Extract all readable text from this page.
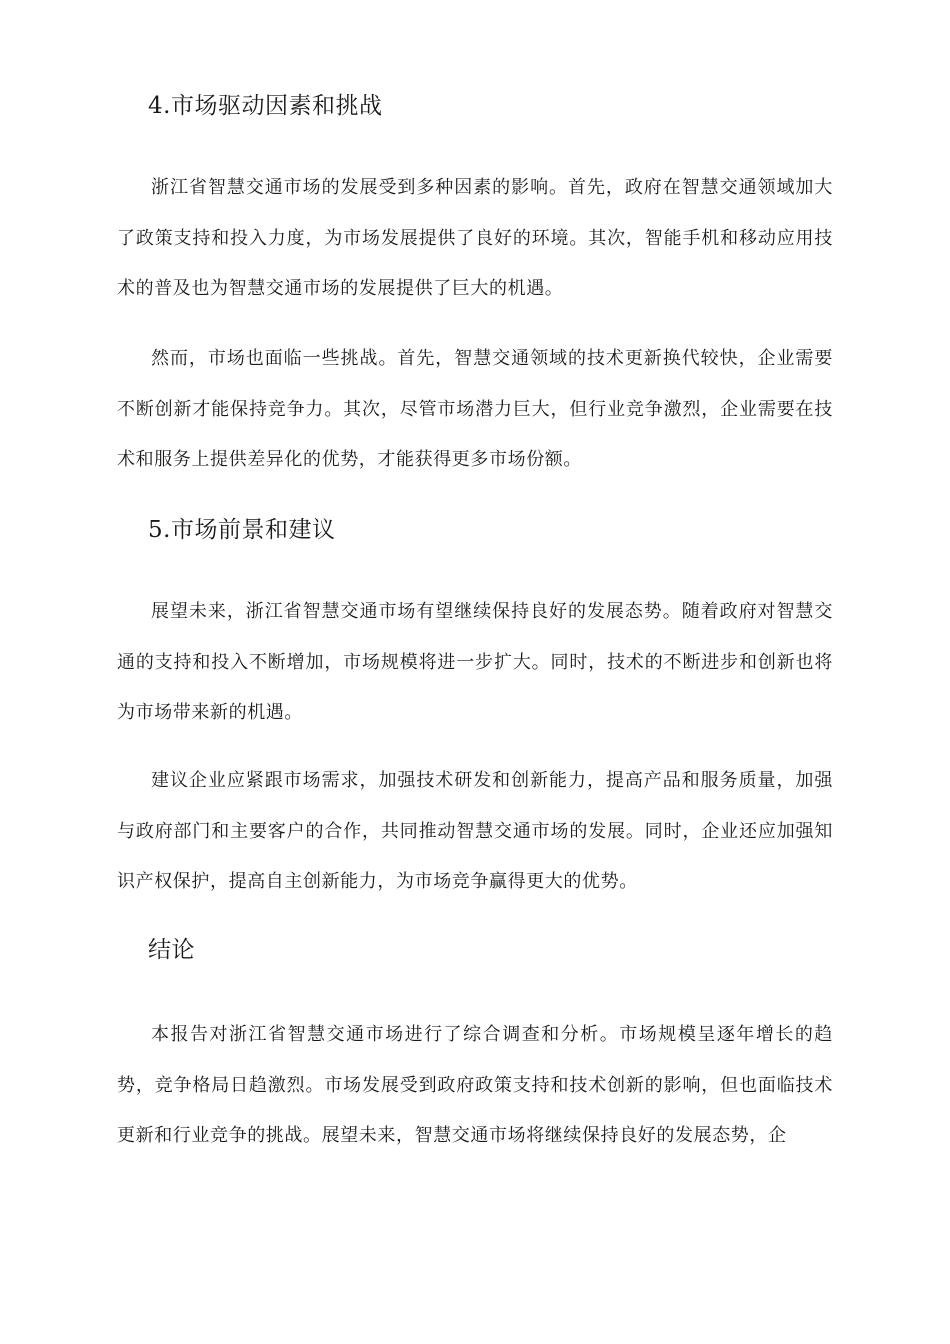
4.市场驱动因素和挑战

浙江省智慧交通市场的发展受到多种因素的影响。首先，政府在智慧交通领域加大了政策支持和投入力度，为市场发展提供了良好的环境。其次，智能手机和移动应用技术的普及也为智慧交通市场的发展提供了巨大的机遇。

然而，市场也面临一些挑战。首先，智慧交通领域的技术更新换代较快，企业需要不断创新才能保持竞争力。其次，尽管市场潜力巨大，但行业竞争激烈，企业需要在技术和服务上提供差异化的优势，才能获得更多市场份额。

5.市场前景和建议

展望未来，浙江省智慧交通市场有望继续保持良好的发展态势。随着政府对智慧交通的支持和投入不断增加，市场规模将进一步扩大。同时，技术的不断进步和创新也将为市场带来新的机遇。

建议企业应紧跟市场需求，加强技术研发和创新能力，提高产品和服务质量，加强与政府部门和主要客户的合作，共同推动智慧交通市场的发展。同时，企业还应加强知识产权保护，提高自主创新能力，为市场竞争赢得更大的优势。

结论

本报告对浙江省智慧交通市场进行了综合调查和分析。市场规模呈逐年增长的趋势，竞争格局日趋激烈。市场发展受到政府政策支持和技术创新的影响，但也面临技术更新和行业竞争的挑战。展望未来，智慧交通市场将继续保持良好的发展态势，企
